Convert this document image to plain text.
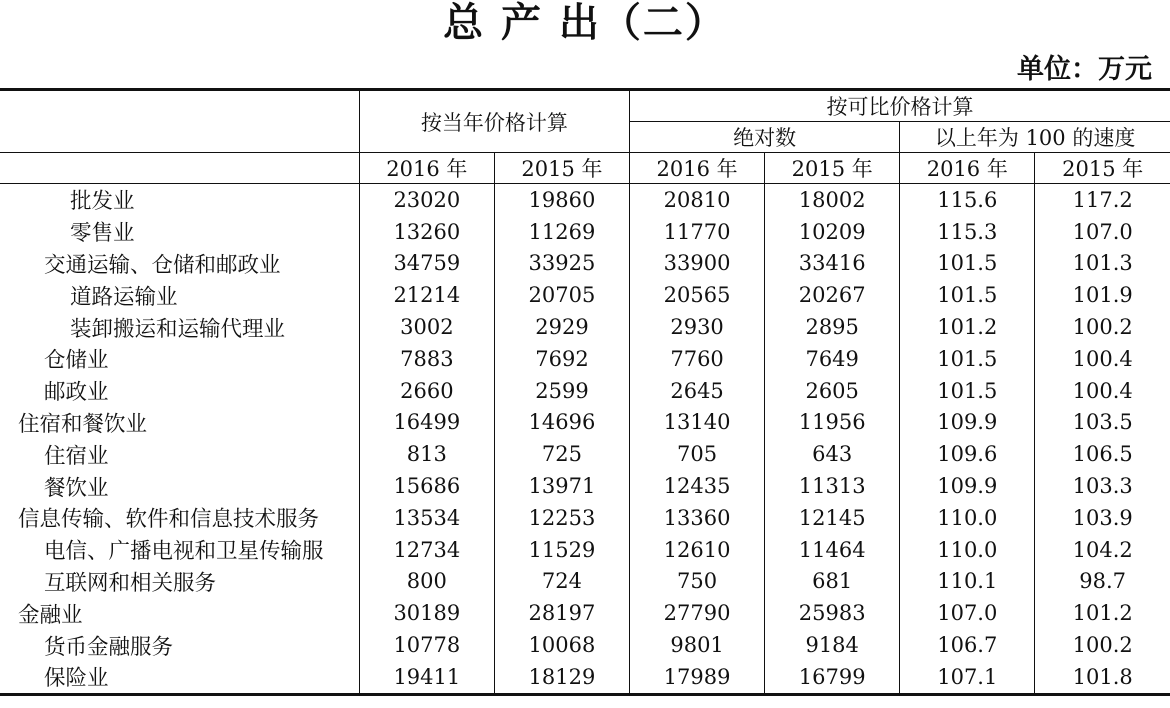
总 产 出（二）
单位：万元
	按当年价格计算		按可比价格计算			
			绝对数		以上年为 100 的速度	
	2016 年	2015 年	2016 年	2015 年	2016 年	2015 年
批发业	23020	19860	20810	18002	115.6	117.2
零售业	13260	11269	11770	10209	115.3	107.0
交通运输、仓储和邮政业	34759	33925	33900	33416	101.5	101.3
道路运输业	21214	20705	20565	20267	101.5	101.9
装卸搬运和运输代理业	3002	2929	2930	2895	101.2	100.2
仓储业	7883	7692	7760	7649	101.5	100.4
邮政业	2660	2599	2645	2605	101.5	100.4
住宿和餐饮业	16499	14696	13140	11956	109.9	103.5
住宿业	813	725	705	643	109.6	106.5
餐饮业	15686	13971	12435	11313	109.9	103.3
信息传输、软件和信息技术服务	13534	12253	13360	12145	110.0	103.9
电信、广播电视和卫星传输服	12734	11529	12610	11464	110.0	104.2
互联网和相关服务	800	724	750	681	110.1	98.7
金融业	30189	28197	27790	25983	107.0	101.2
货币金融服务	10778	10068	9801	9184	106.7	100.2
保险业	19411	18129	17989	16799	107.1	101.8
